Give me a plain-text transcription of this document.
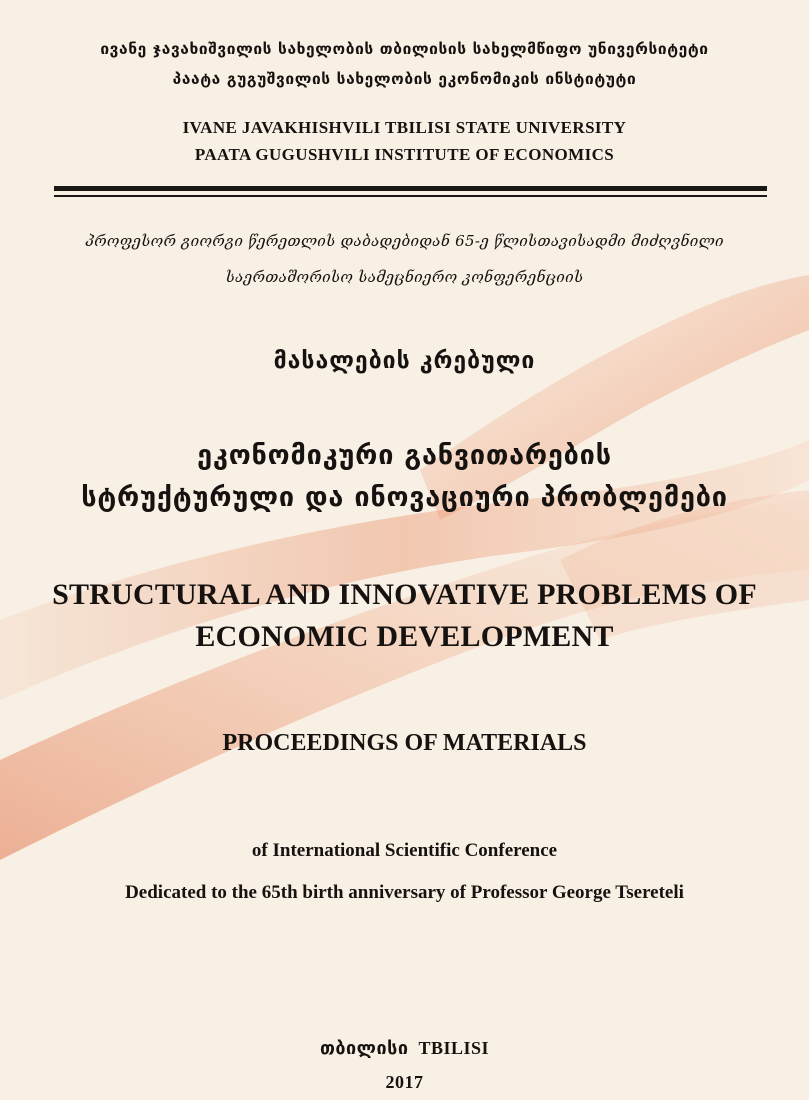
ივანე ჯავახიშვილის სახელობის თბილისის სახელმწიფო უნივერსიტეტი

პაატა გუგუშვილის სახელობის ეკონომიკის ინსტიტუტი

IVANE JAVAKHISHVILI TBILISI STATE UNIVERSITY

PAATA GUGUSHVILI INSTITUTE OF ECONOMICS

პროფესორ გიორგი წერეთლის დაბადებიდან 65-ე წლისთავისადმი მიძღვნილი

საერთაშორისო სამეცნიერო კონფერენციის

მასალების კრებული

ეკონომიკური განვითარების

სტრუქტურული და ინოვაციური პრობლემები

STRUCTURAL AND INNOVATIVE PROBLEMS OF

ECONOMIC DEVELOPMENT

PROCEEDINGS OF MATERIALS

of International Scientific Conference

Dedicated to the 65th birth anniversary of Professor George Tsereteli

თბილისი TBILISI

2017
